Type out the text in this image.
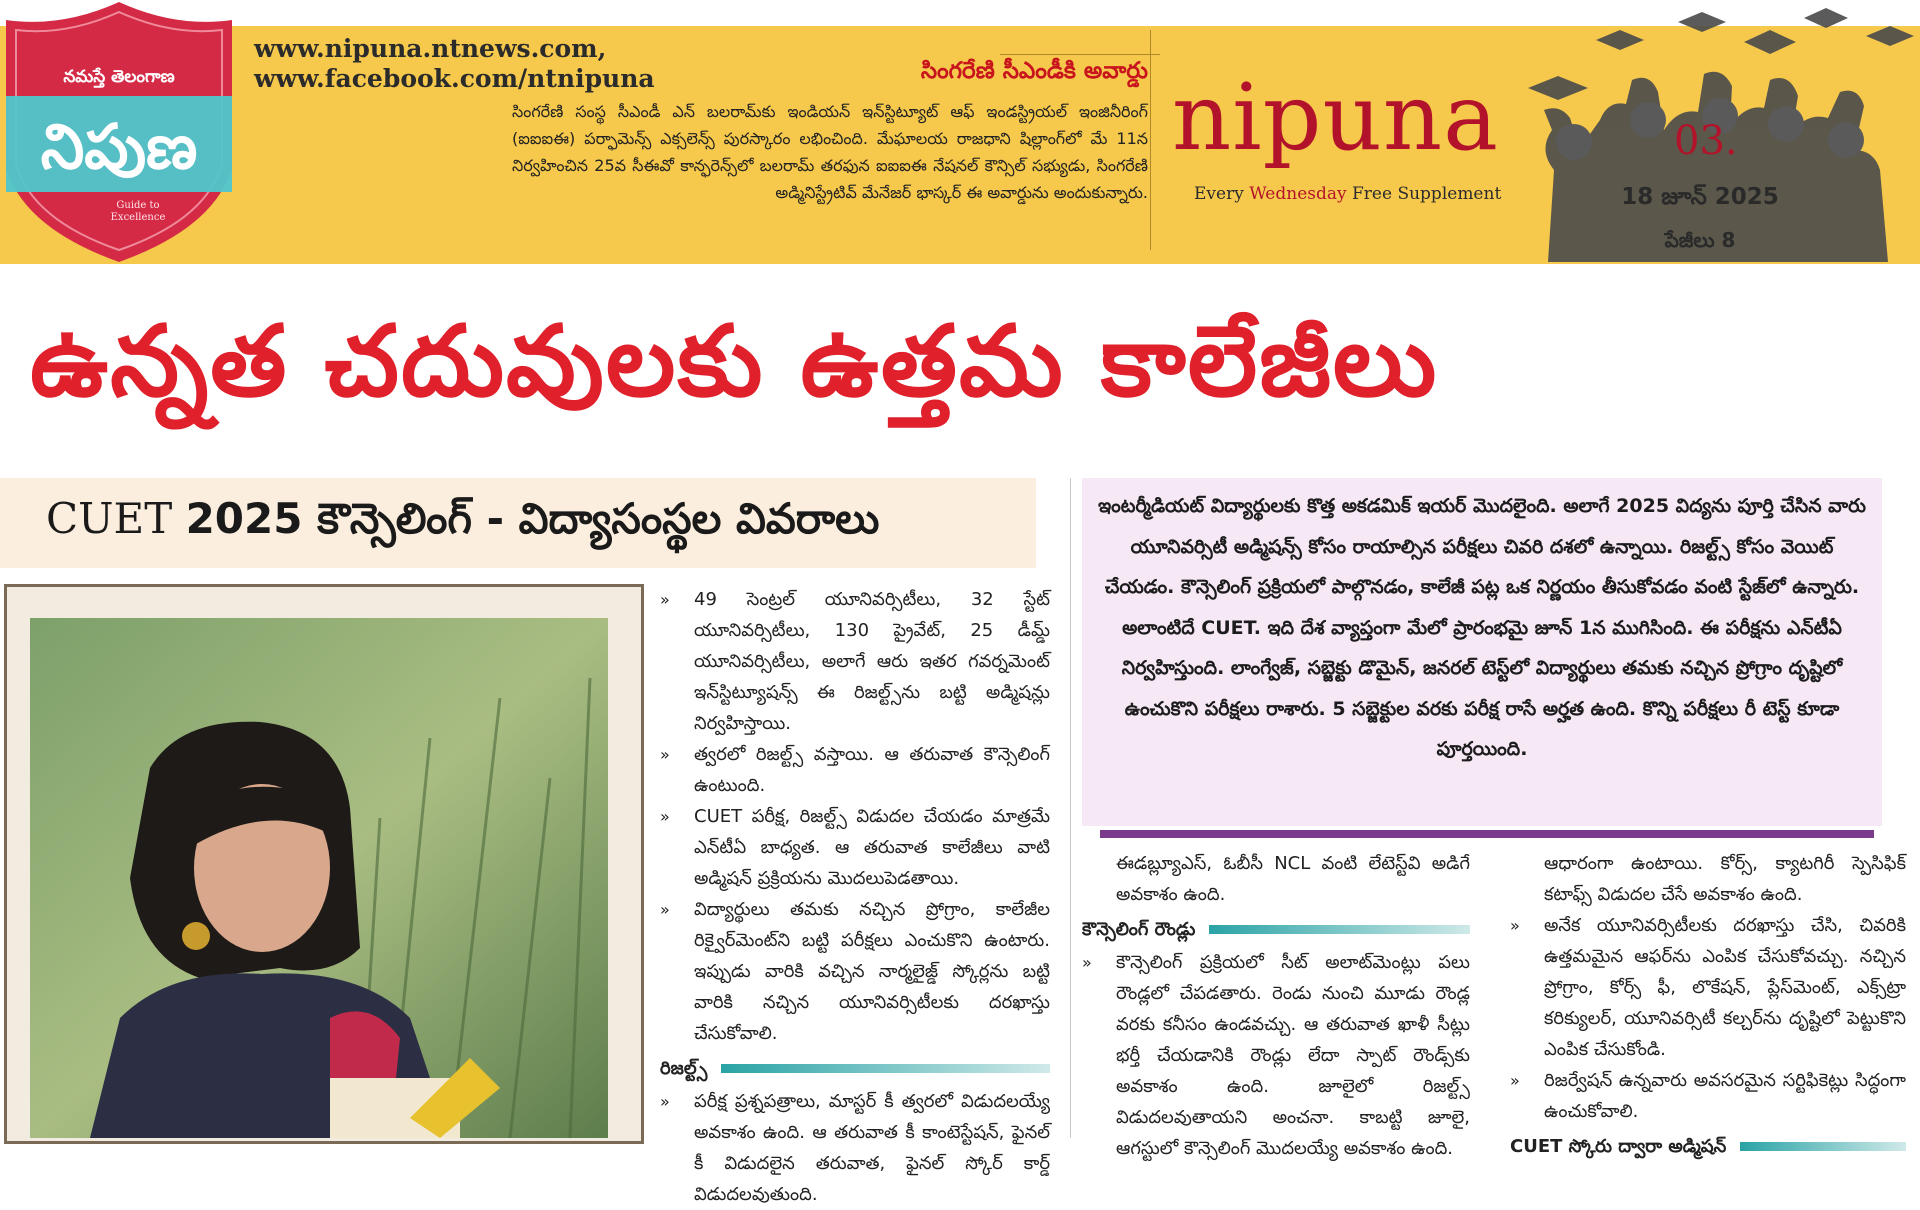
నమస్తే తెలంగాణ
నిపుణ
Guide to
Excellence
www.nipuna.ntnews.com,
www.facebook.com/ntnipuna	సింగరేణి సీఎండీకి అవార్డు
సింగరేణి సంస్థ సీఎండీ ఎన్ బలరామ్‌కు ఇండియన్ ఇన్‌స్టిట్యూట్ ఆఫ్ ఇండస్ట్రియల్ ఇంజినీరింగ్ (ఐఐఐఈ) పర్ఫామెన్స్ ఎక్సలెన్స్ పురస్కారం లభించింది. మేఘాలయ రాజధాని షిల్లాంగ్‌లో మే 11న నిర్వహించిన 25వ సీఈవో కాన్ఫరెన్స్‌లో బలరామ్ తరఫున ఐఐఐఈ నేషనల్ కౌన్సిల్ సభ్యుడు, సింగరేణి అడ్మినిస్ట్రేటివ్ మేనేజర్ భాస్కర్ ఈ అవార్డును అందుకున్నారు.
nipuna
Every Wednesday Free Supplement
03.
18 జూన్ 2025
పేజీలు 8
ఉన్నత చదువులకు ఉత్తమ కాలేజీలు
CUET 2025 కౌన్సెలింగ్ - విద్యాసంస్థల వివరాలు

» 49 సెంట్రల్ యూనివర్సిటీలు, 32 స్టేట్ యూనివర్సిటీలు, 130 ప్రైవేట్, 25 డీమ్డ్ యూనివర్సిటీలు, అలాగే ఆరు ఇతర గవర్నమెంట్ ఇన్‌స్టిట్యూషన్స్ ఈ రిజల్ట్స్‌ను బట్టి అడ్మిషన్లు నిర్వహిస్తాయి.

» త్వరలో రిజల్ట్స్ వస్తాయి. ఆ తరువాత కౌన్సెలింగ్ ఉంటుంది.

» CUET పరీక్ష, రిజల్ట్స్ విడుదల చేయడం మాత్రమే ఎన్‌టీఏ బాధ్యత. ఆ తరువాత కాలేజీలు వాటి అడ్మిషన్ ప్రక్రియను మొదలుపెడతాయి.

» విద్యార్థులు తమకు నచ్చిన ప్రోగ్రాం, కాలేజీల రిక్వైర్‌మెంట్‌ని బట్టి పరీక్షలు ఎంచుకొని ఉంటారు. ఇప్పుడు వారికి వచ్చిన నార్మలైజ్డ్ స్కోర్లను బట్టి వారికి నచ్చిన యూనివర్సిటీలకు దరఖాస్తు చేసుకోవాలి.

రిజల్ట్స్

» పరీక్ష ప్రశ్నపత్రాలు, మాస్టర్ కీ త్వరలో విడుదలయ్యే అవకాశం ఉంది. ఆ తరువాత కీ కాంటెస్టేషన్, ఫైనల్ కీ విడుదలైన తరువాత, ఫైనల్ స్కోర్ కార్డ్ విడుదలవుతుంది.

ఇంటర్మీడియట్ విద్యార్థులకు కొత్త అకడమిక్ ఇయర్ మొదలైంది. అలాగే 2025 విద్యను పూర్తి చేసిన వారు యూనివర్సిటీ అడ్మిషన్స్ కోసం రాయాల్సిన పరీక్షలు చివరి దశలో ఉన్నాయి. రిజల్ట్స్ కోసం వెయిట్ చేయడం. కౌన్సెలింగ్ ప్రక్రియలో పాల్గొనడం, కాలేజీ పట్ల ఒక నిర్ణయం తీసుకోవడం వంటి స్టేజ్‌లో ఉన్నారు. అలాంటిదే CUET. ఇది దేశ వ్యాప్తంగా మేలో ప్రారంభమై జూన్ 1న ముగిసింది. ఈ పరీక్షను ఎన్‌టీఏ నిర్వహిస్తుంది. లాంగ్వేజ్, సబ్జెక్టు డొమైన్, జనరల్ టెస్ట్‌లో విద్యార్థులు తమకు నచ్చిన ప్రోగ్రాం దృష్టిలో ఉంచుకొని పరీక్షలు రాశారు. 5 సబ్జెక్టుల వరకు పరీక్ష రాసే అర్హత ఉంది. కొన్ని పరీక్షలు రీ టెస్ట్ కూడా పూర్తయింది.

ఈడబ్ల్యూఎస్, ఓబీసీ NCL వంటి లేటెస్ట్‌వి అడిగే అవకాశం ఉంది.

కౌన్సెలింగ్ రౌండ్లు

» కౌన్సెలింగ్ ప్రక్రియలో సీట్ అలాట్‌మెంట్లు పలు రౌండ్లలో చేపడతారు. రెండు నుంచి మూడు రౌండ్ల వరకు కనీసం ఉండవచ్చు. ఆ తరువాత ఖాళీ సీట్లు భర్తీ చేయడానికి రౌండ్లు లేదా స్పాట్ రౌండ్స్‌కు అవకాశం ఉంది. జూలైలో రిజల్ట్స్ విడుదలవుతాయని అంచనా. కాబట్టి జూలై, ఆగస్టులో కౌన్సెలింగ్ మొదలయ్యే అవకాశం ఉంది.

ఆధారంగా ఉంటాయి. కోర్స్, క్యాటగిరీ స్పెసిఫిక్ కటాఫ్స్ విడుదల చేసే అవకాశం ఉంది.

» అనేక యూనివర్సిటీలకు దరఖాస్తు చేసి, చివరికి ఉత్తమమైన ఆఫర్‌ను ఎంపిక చేసుకోవచ్చు. నచ్చిన ప్రోగ్రాం, కోర్స్ ఫీ, లొకేషన్, ప్లేస్‌మెంట్, ఎక్స్‌ట్రా కరిక్యులర్, యూనివర్సిటీ కల్చర్‌ను దృష్టిలో పెట్టుకొని ఎంపిక చేసుకోండి.

» రిజర్వేషన్ ఉన్నవారు అవసరమైన సర్టిఫికెట్లు సిద్ధంగా ఉంచుకోవాలి.

CUET స్కోరు ద్వారా అడ్మిషన్
